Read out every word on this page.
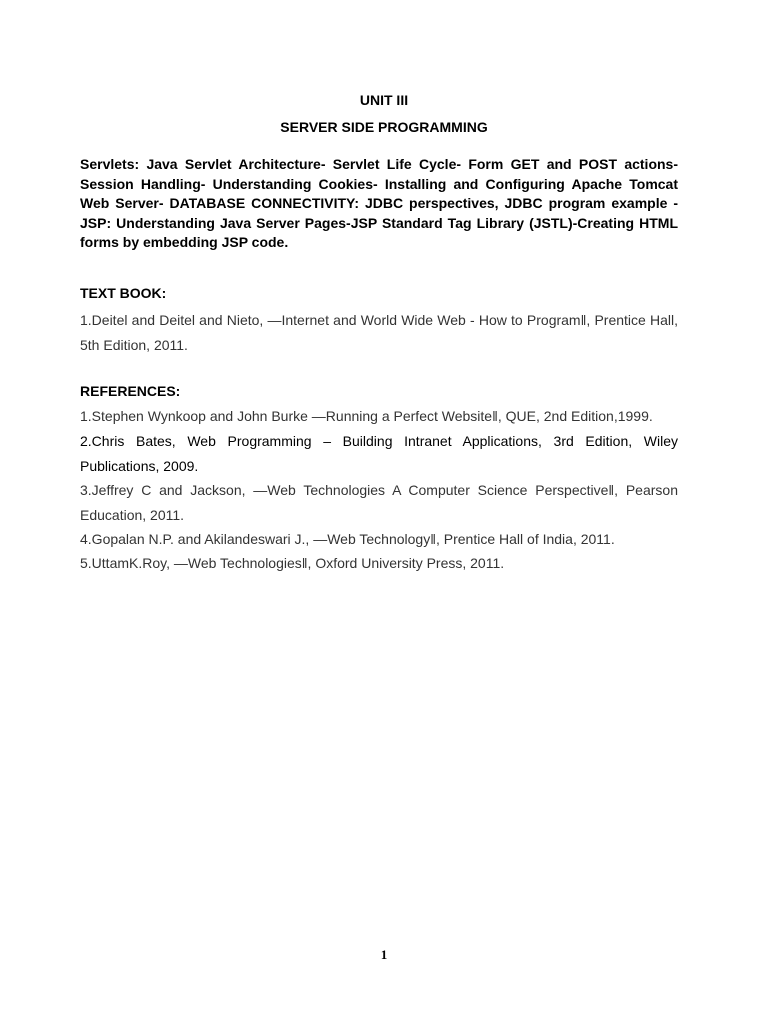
UNIT III
SERVER SIDE PROGRAMMING
Servlets: Java Servlet Architecture- Servlet Life Cycle- Form GET and POST actions- Session Handling- Understanding Cookies- Installing and Configuring Apache Tomcat Web Server- DATABASE CONNECTIVITY: JDBC perspectives, JDBC program example - JSP: Understanding Java Server Pages-JSP Standard Tag Library (JSTL)-Creating HTML forms by embedding JSP code.
TEXT BOOK:
1.Deitel and Deitel and Nieto, —Internet and World Wide Web - How to Program‖, Prentice Hall, 5th Edition, 2011.
REFERENCES:
1.Stephen Wynkoop and John Burke —Running a Perfect Website‖, QUE, 2nd Edition,1999.
2.Chris Bates, Web Programming – Building Intranet Applications, 3rd Edition, Wiley Publications, 2009.
3.Jeffrey C and Jackson, —Web Technologies A Computer Science Perspective‖, Pearson Education, 2011.
4.Gopalan N.P. and Akilandeswari J., —Web Technology‖, Prentice Hall of India, 2011.
5.UttamK.Roy, —Web Technologies‖, Oxford University Press, 2011.
1
